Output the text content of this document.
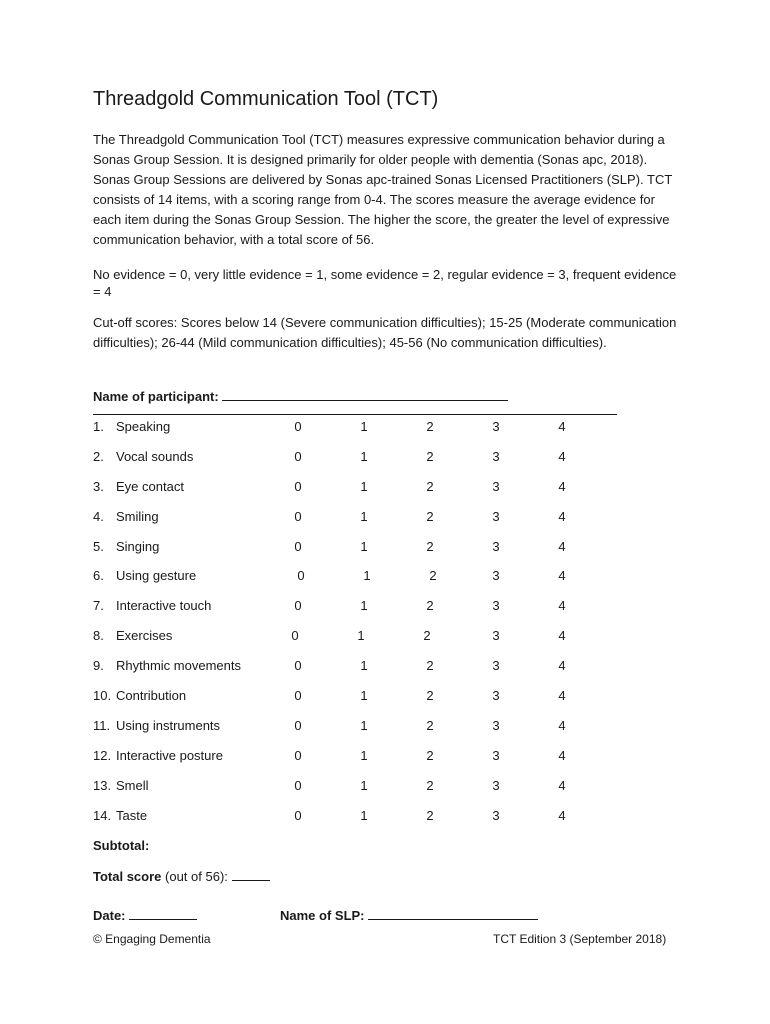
Threadgold Communication Tool (TCT)

The Threadgold Communication Tool (TCT) measures expressive communication behavior during a Sonas Group Session. It is designed primarily for older people with dementia (Sonas apc, 2018). Sonas Group Sessions are delivered by Sonas apc-trained Sonas Licensed Practitioners (SLP). TCT consists of 14 items, with a scoring range from 0-4. The scores measure the average evidence for each item during the Sonas Group Session. The higher the score, the greater the level of expressive communication behavior, with a total score of 56.

No evidence = 0, very little evidence = 1, some evidence = 2, regular evidence = 3, frequent evidence = 4

Cut-off scores: Scores below 14 (Severe communication difficulties); 15-25 (Moderate communication difficulties); 26-44 (Mild communication difficulties); 45-56 (No communication difficulties).

Name of participant:
1. Speaking	0	1	2	3	4
2. Vocal sounds	0	1	2	3	4
3. Eye contact	0	1	2	3	4
4. Smiling	0	1	2	3	4
5. Singing	0	1	2	3	4
6. Using gesture	0	1	2	3	4
7. Interactive touch	0	1	2	3	4
8. Exercises	0	1	2	3	4
9. Rhythmic movements	0	1	2	3	4
10. Contribution	0	1	2	3	4
11. Using instruments	0	1	2	3	4
12. Interactive posture	0	1	2	3	4
13. Smell	0	1	2	3	4
14. Taste	0	1	2	3	4
Subtotal:
Total score (out of 56):
Date:	Name of SLP:
© Engaging Dementia	TCT Edition 3 (September 2018)
